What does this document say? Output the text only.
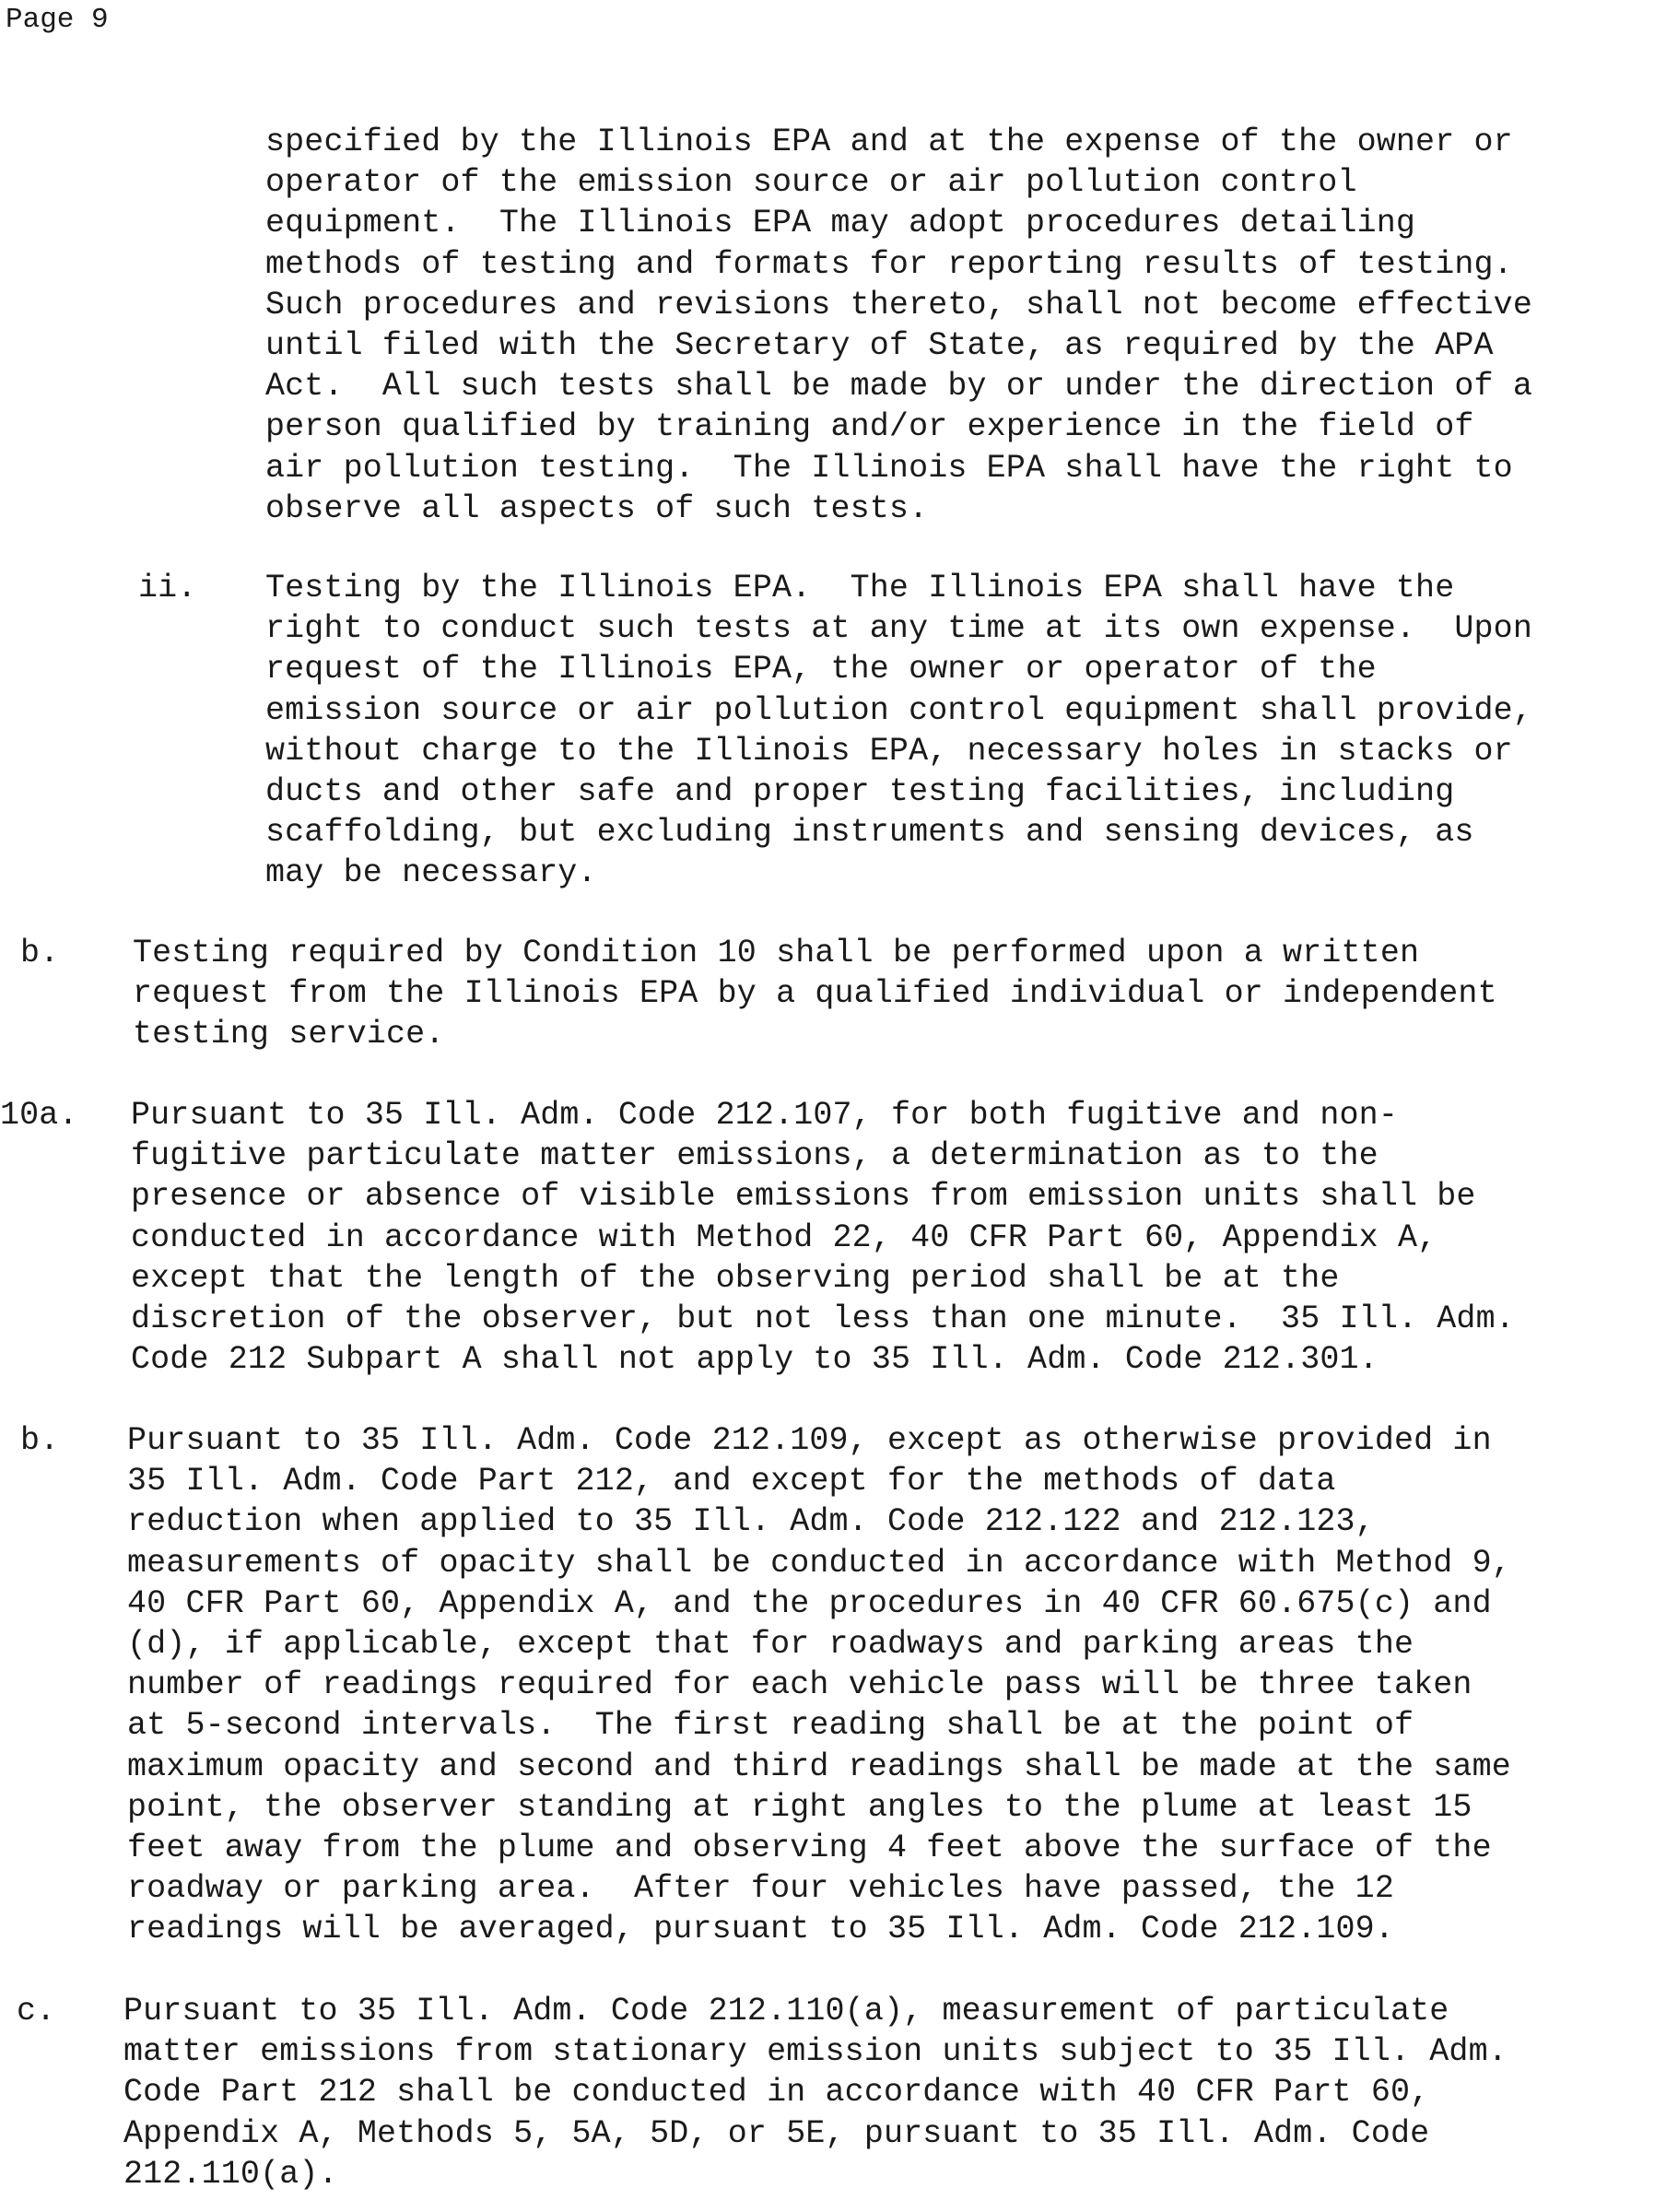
Page 9
specified by the Illinois EPA and at the expense of the owner or
operator of the emission source or air pollution control
equipment.  The Illinois EPA may adopt procedures detailing
methods of testing and formats for reporting results of testing.
Such procedures and revisions thereto, shall not become effective
until filed with the Secretary of State, as required by the APA
Act.  All such tests shall be made by or under the direction of a
person qualified by training and/or experience in the field of
air pollution testing.  The Illinois EPA shall have the right to
observe all aspects of such tests.
ii. Testing by the Illinois EPA.  The Illinois EPA shall have the
right to conduct such tests at any time at its own expense.  Upon
request of the Illinois EPA, the owner or operator of the
emission source or air pollution control equipment shall provide,
without charge to the Illinois EPA, necessary holes in stacks or
ducts and other safe and proper testing facilities, including
scaffolding, but excluding instruments and sensing devices, as
may be necessary.
b. Testing required by Condition 10 shall be performed upon a written
request from the Illinois EPA by a qualified individual or independent
testing service.
10a. Pursuant to 35 Ill. Adm. Code 212.107, for both fugitive and non-
fugitive particulate matter emissions, a determination as to the
presence or absence of visible emissions from emission units shall be
conducted in accordance with Method 22, 40 CFR Part 60, Appendix A,
except that the length of the observing period shall be at the
discretion of the observer, but not less than one minute.  35 Ill. Adm.
Code 212 Subpart A shall not apply to 35 Ill. Adm. Code 212.301.
b. Pursuant to 35 Ill. Adm. Code 212.109, except as otherwise provided in
35 Ill. Adm. Code Part 212, and except for the methods of data
reduction when applied to 35 Ill. Adm. Code 212.122 and 212.123,
measurements of opacity shall be conducted in accordance with Method 9,
40 CFR Part 60, Appendix A, and the procedures in 40 CFR 60.675(c) and
(d), if applicable, except that for roadways and parking areas the
number of readings required for each vehicle pass will be three taken
at 5-second intervals.  The first reading shall be at the point of
maximum opacity and second and third readings shall be made at the same
point, the observer standing at right angles to the plume at least 15
feet away from the plume and observing 4 feet above the surface of the
roadway or parking area.  After four vehicles have passed, the 12
readings will be averaged, pursuant to 35 Ill. Adm. Code 212.109.
c. Pursuant to 35 Ill. Adm. Code 212.110(a), measurement of particulate
matter emissions from stationary emission units subject to 35 Ill. Adm.
Code Part 212 shall be conducted in accordance with 40 CFR Part 60,
Appendix A, Methods 5, 5A, 5D, or 5E, pursuant to 35 Ill. Adm. Code
212.110(a).
